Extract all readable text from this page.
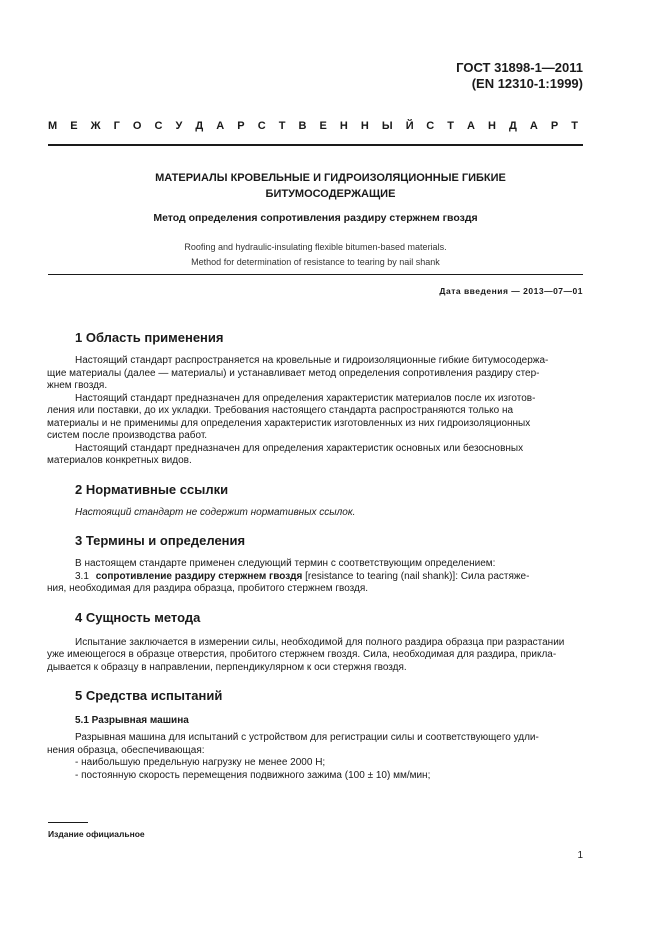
ГОСТ 31898-1—2011
(EN 12310-1:1999)
М Е Ж Г О С У Д А Р С Т В Е Н Н Ы Й С Т А Н Д А Р Т
МАТЕРИАЛЫ КРОВЕЛЬНЫЕ И ГИДРОИЗОЛЯЦИОННЫЕ ГИБКИЕ
БИТУМОСОДЕРЖАЩИЕ
Метод определения сопротивления раздиру стержнем гвоздя
Roofing and hydraulic-insulating flexible bitumen-based materials.
Method for determination of resistance to tearing by nail shank
Дата введения — 2013—07—01
1 Область применения

Настоящий стандарт распространяется на кровельные и гидроизоляционные гибкие битумосодержа-
щие материалы (далее — материалы) и устанавливает метод определения сопротивления раздиру стер-
жнем гвоздя.

Настоящий стандарт предназначен для определения характеристик материалов после их изготов-
ления или поставки, до их укладки. Требования настоящего стандарта распространяются только на
материалы и не применимы для определения характеристик изготовленных из них гидроизоляционных
систем после производства работ.

Настоящий стандарт предназначен для определения характеристик основных или безосновных
материалов конкретных видов.

2 Нормативные ссылки

Настоящий стандарт не содержит нормативных ссылок.

3 Термины и определения

В настоящем стандарте применен следующий термин с соответствующим определением:

3.1 сопротивление раздиру стержнем гвоздя [resistance to tearing (nail shank)]: Сила растяже-
ния, необходимая для раздира образца, пробитого стержнем гвоздя.

4 Сущность метода

Испытание заключается в измерении силы, необходимой для полного раздира образца при разрастании
уже имеющегося в образце отверстия, пробитого стержнем гвоздя. Сила, необходимая для раздира, прикла-
дывается к образцу в направлении, перпендикулярном к оси стержня гвоздя.

5 Средства испытаний
5.1 Разрывная машина

Разрывная машина для испытаний с устройством для регистрации силы и соответствующего удли-
нения образца, обеспечивающая:

- наибольшую предельную нагрузку не менее 2000 Н;
- постоянную скорость перемещения подвижного зажима (100 ± 10) мм/мин;
Издание официальное
1
